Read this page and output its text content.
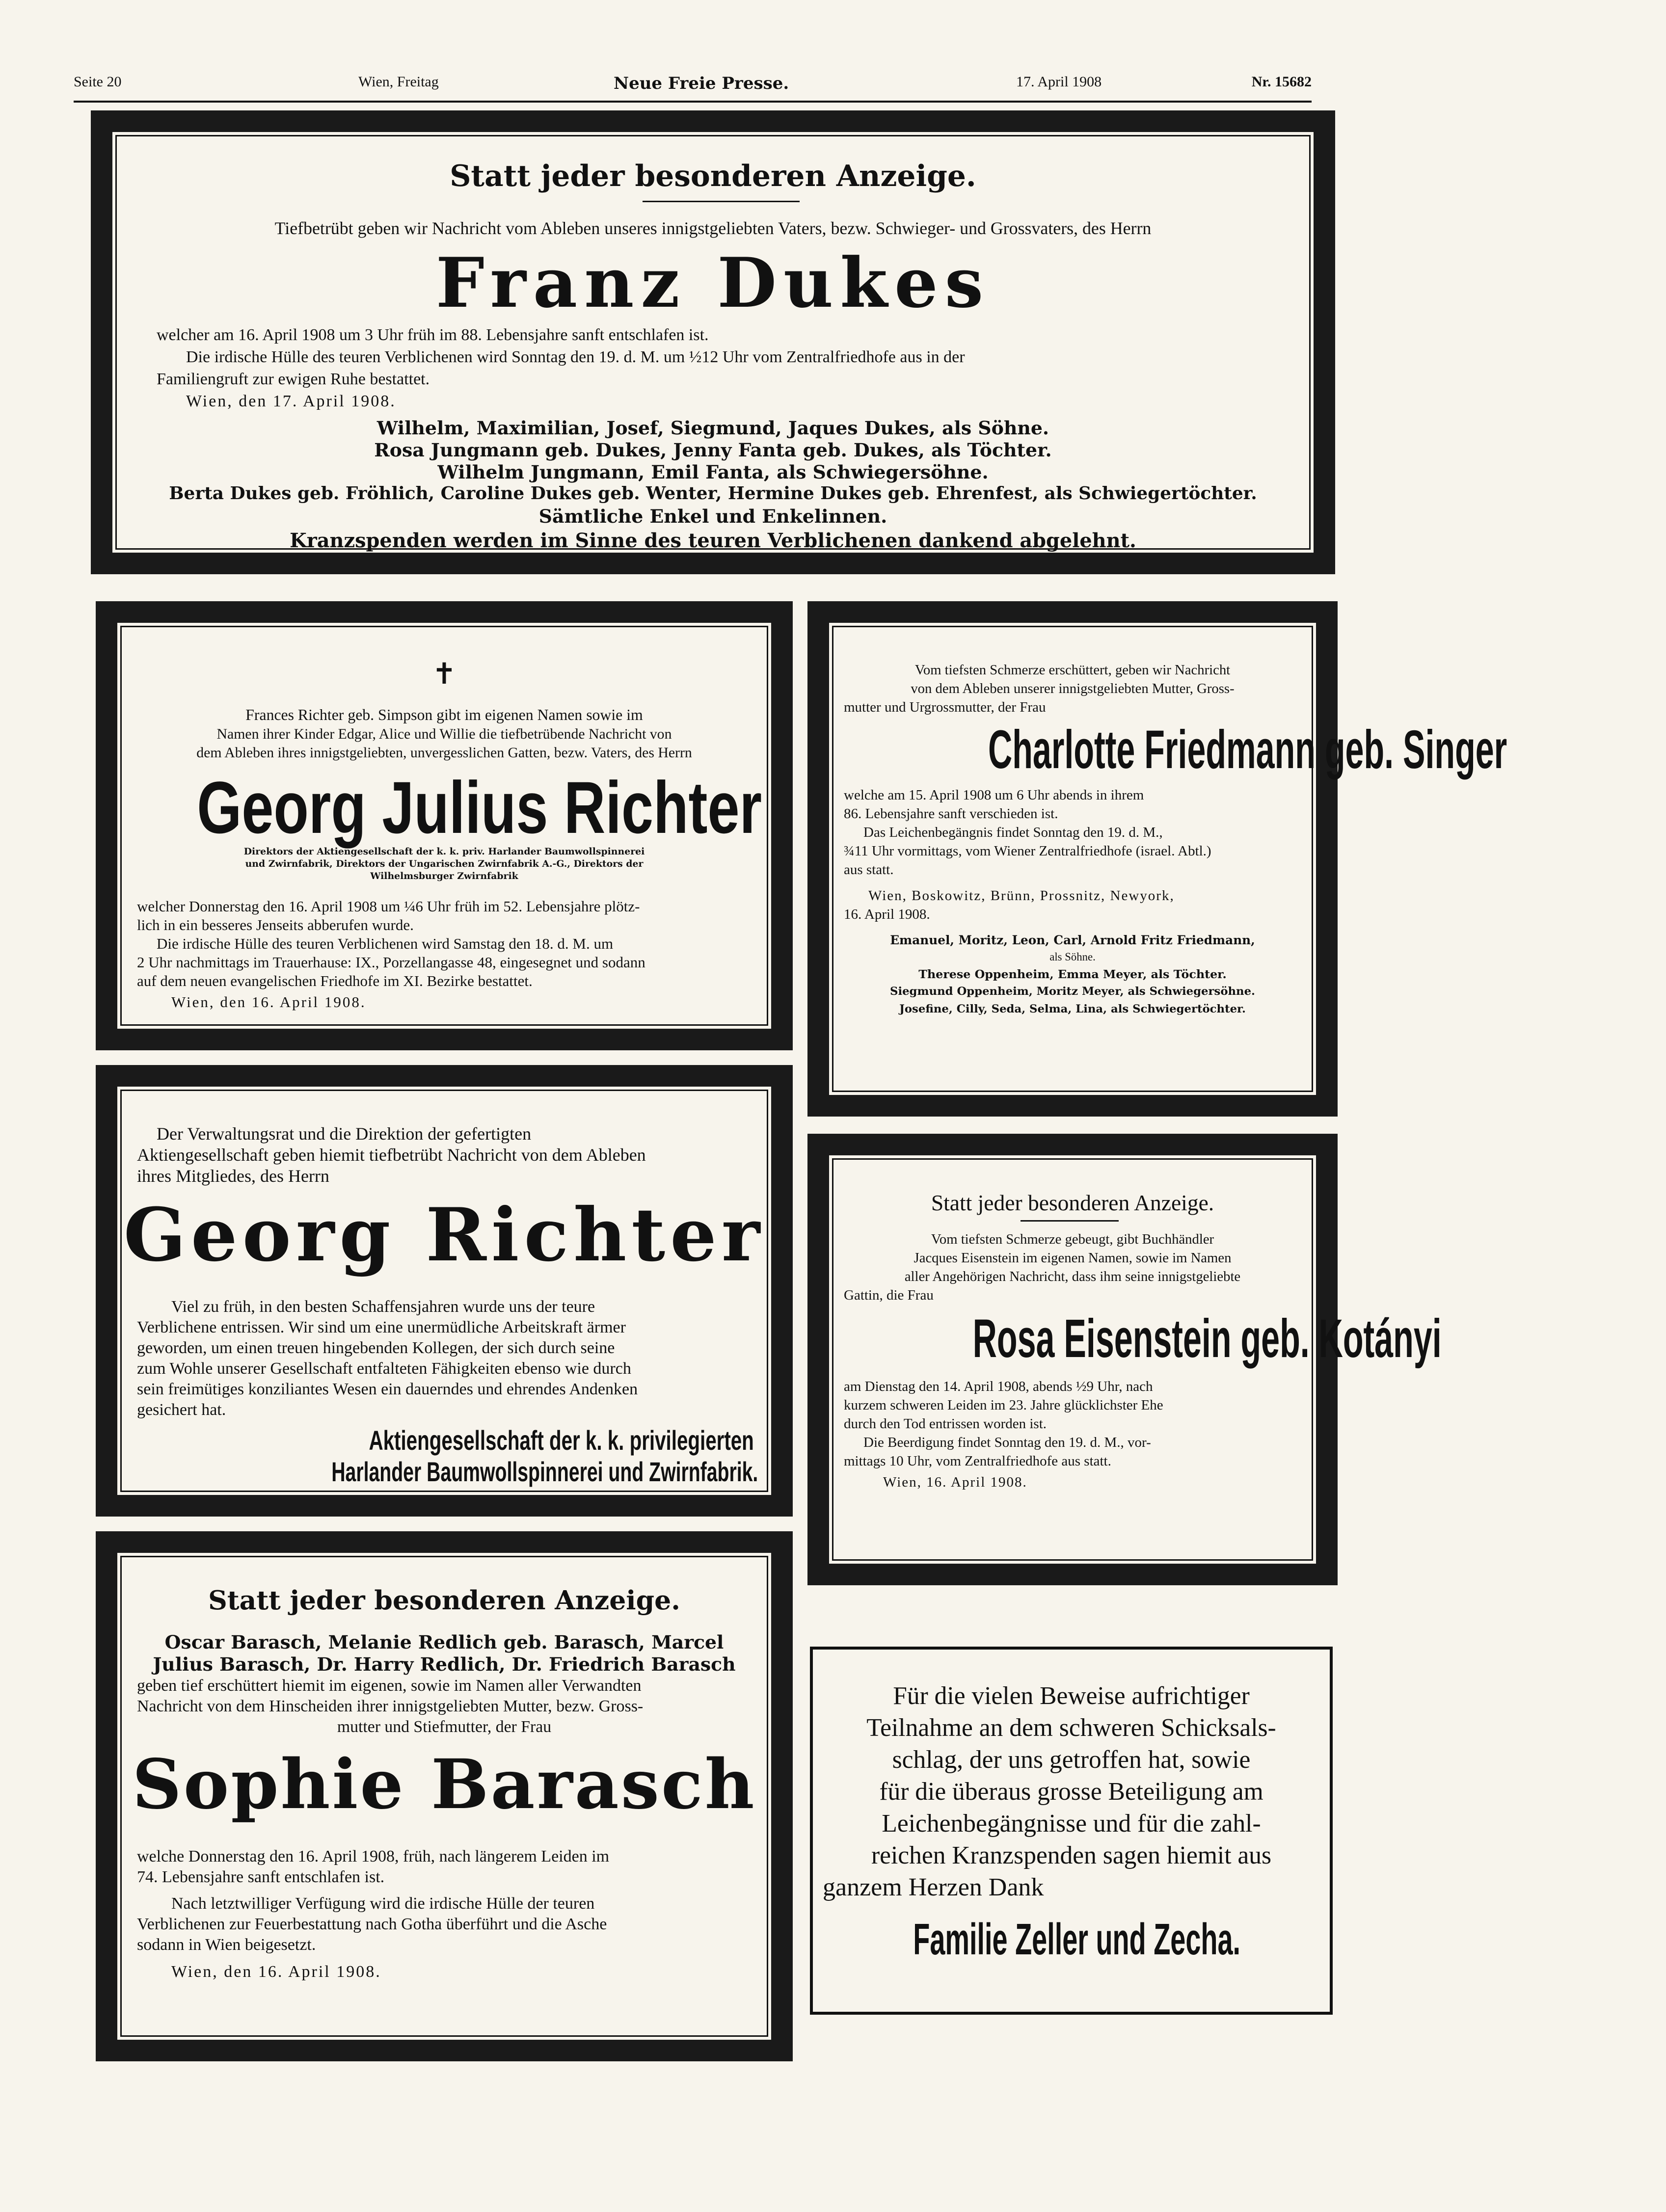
Seite 20	Wien, Freitag	Neue Freie Presse.	17. April 1908	Nr. 15682
Statt jeder besonderen Anzeige.
Tiefbetrübt geben wir Nachricht vom Ableben unseres innigstgeliebten Vaters, bezw. Schwieger- und Grossvaters, des Herrn
Franz Dukes
welcher am 16. April 1908 um 3 Uhr früh im 88. Lebensjahre sanft entschlafen ist.
Die irdische Hülle des teuren Verblichenen wird Sonntag den 19. d. M. um ½12 Uhr vom Zentralfriedhofe aus in der
Familiengruft zur ewigen Ruhe bestattet.
Wien, den 17. April 1908.
Wilhelm, Maximilian, Josef, Siegmund, Jaques Dukes, als Söhne.
Rosa Jungmann geb. Dukes, Jenny Fanta geb. Dukes, als Töchter.
Wilhelm Jungmann, Emil Fanta, als Schwiegersöhne.
Berta Dukes geb. Fröhlich, Caroline Dukes geb. Wenter, Hermine Dukes geb. Ehrenfest, als Schwiegertöchter.
Sämtliche Enkel und Enkelinnen.
Kranzspenden werden im Sinne des teuren Verblichenen dankend abgelehnt.
✝
Frances Richter geb. Simpson gibt im eigenen Namen sowie im
Namen ihrer Kinder Edgar, Alice und Willie die tiefbetrübende Nachricht von
dem Ableben ihres innigstgeliebten, unvergesslichen Gatten, bezw. Vaters, des Herrn
Georg Julius Richter
Direktors der Aktiengesellschaft der k. k. priv. Harlander Baumwollspinnerei
und Zwirnfabrik, Direktors der Ungarischen Zwirnfabrik A.-G., Direktors der
Wilhelmsburger Zwirnfabrik
welcher Donnerstag den 16. April 1908 um ¼6 Uhr früh im 52. Lebensjahre plötz-
lich in ein besseres Jenseits abberufen wurde.
Die irdische Hülle des teuren Verblichenen wird Samstag den 18. d. M. um
2 Uhr nachmittags im Trauerhause: IX., Porzellangasse 48, eingesegnet und sodann
auf dem neuen evangelischen Friedhofe im XI. Bezirke bestattet.
Wien, den 16. April 1908.
Vom tiefsten Schmerze erschüttert, geben wir Nachricht
von dem Ableben unserer innigstgeliebten Mutter, Gross-
mutter und Urgrossmutter, der Frau
Charlotte Friedmann geb. Singer
welche am 15. April 1908 um 6 Uhr abends in ihrem
86. Lebensjahre sanft verschieden ist.
Das Leichenbegängnis findet Sonntag den 19. d. M.,
¾11 Uhr vormittags, vom Wiener Zentralfriedhofe (israel. Abtl.)
aus statt.
Wien, Boskowitz, Brünn, Prossnitz, Newyork,
16. April 1908.
Emanuel, Moritz, Leon, Carl, Arnold Fritz Friedmann,
als Söhne.
Therese Oppenheim, Emma Meyer, als Töchter.
Siegmund Oppenheim, Moritz Meyer, als Schwiegersöhne.
Josefine, Cilly, Seda, Selma, Lina, als Schwiegertöchter.
Der Verwaltungsrat und die Direktion der gefertigten
Aktiengesellschaft geben hiemit tiefbetrübt Nachricht von dem Ableben
ihres Mitgliedes, des Herrn
Georg Richter
Viel zu früh, in den besten Schaffensjahren wurde uns der teure
Verblichene entrissen. Wir sind um eine unermüdliche Arbeitskraft ärmer
geworden, um einen treuen hingebenden Kollegen, der sich durch seine
zum Wohle unserer Gesellschaft entfalteten Fähigkeiten ebenso wie durch
sein freimütiges konziliantes Wesen ein dauerndes und ehrendes Andenken
gesichert hat.
Aktiengesellschaft der k. k. privilegierten
Harlander Baumwollspinnerei und Zwirnfabrik.
Statt jeder besonderen Anzeige.
Vom tiefsten Schmerze gebeugt, gibt Buchhändler
Jacques Eisenstein im eigenen Namen, sowie im Namen
aller Angehörigen Nachricht, dass ihm seine innigstgeliebte
Gattin, die Frau
Rosa Eisenstein geb. Kotányi
am Dienstag den 14. April 1908, abends ½9 Uhr, nach
kurzem schweren Leiden im 23. Jahre glücklichster Ehe
durch den Tod entrissen worden ist.
Die Beerdigung findet Sonntag den 19. d. M., vor-
mittags 10 Uhr, vom Zentralfriedhofe aus statt.
Wien, 16. April 1908.
Statt jeder besonderen Anzeige.
Oscar Barasch, Melanie Redlich geb. Barasch, Marcel
Julius Barasch, Dr. Harry Redlich, Dr. Friedrich Barasch
geben tief erschüttert hiemit im eigenen, sowie im Namen aller Verwandten
Nachricht von dem Hinscheiden ihrer innigstgeliebten Mutter, bezw. Gross-
mutter und Stiefmutter, der Frau
Sophie Barasch
welche Donnerstag den 16. April 1908, früh, nach längerem Leiden im
74. Lebensjahre sanft entschlafen ist.
Nach letztwilliger Verfügung wird die irdische Hülle der teuren
Verblichenen zur Feuerbestattung nach Gotha überführt und die Asche
sodann in Wien beigesetzt.
Wien, den 16. April 1908.
Für die vielen Beweise aufrichtiger
Teilnahme an dem schweren Schicksals-
schlag, der uns getroffen hat, sowie
für die überaus grosse Beteiligung am
Leichenbegängnisse und für die zahl-
reichen Kranzspenden sagen hiemit aus
ganzem Herzen Dank
Familie Zeller und Zecha.
